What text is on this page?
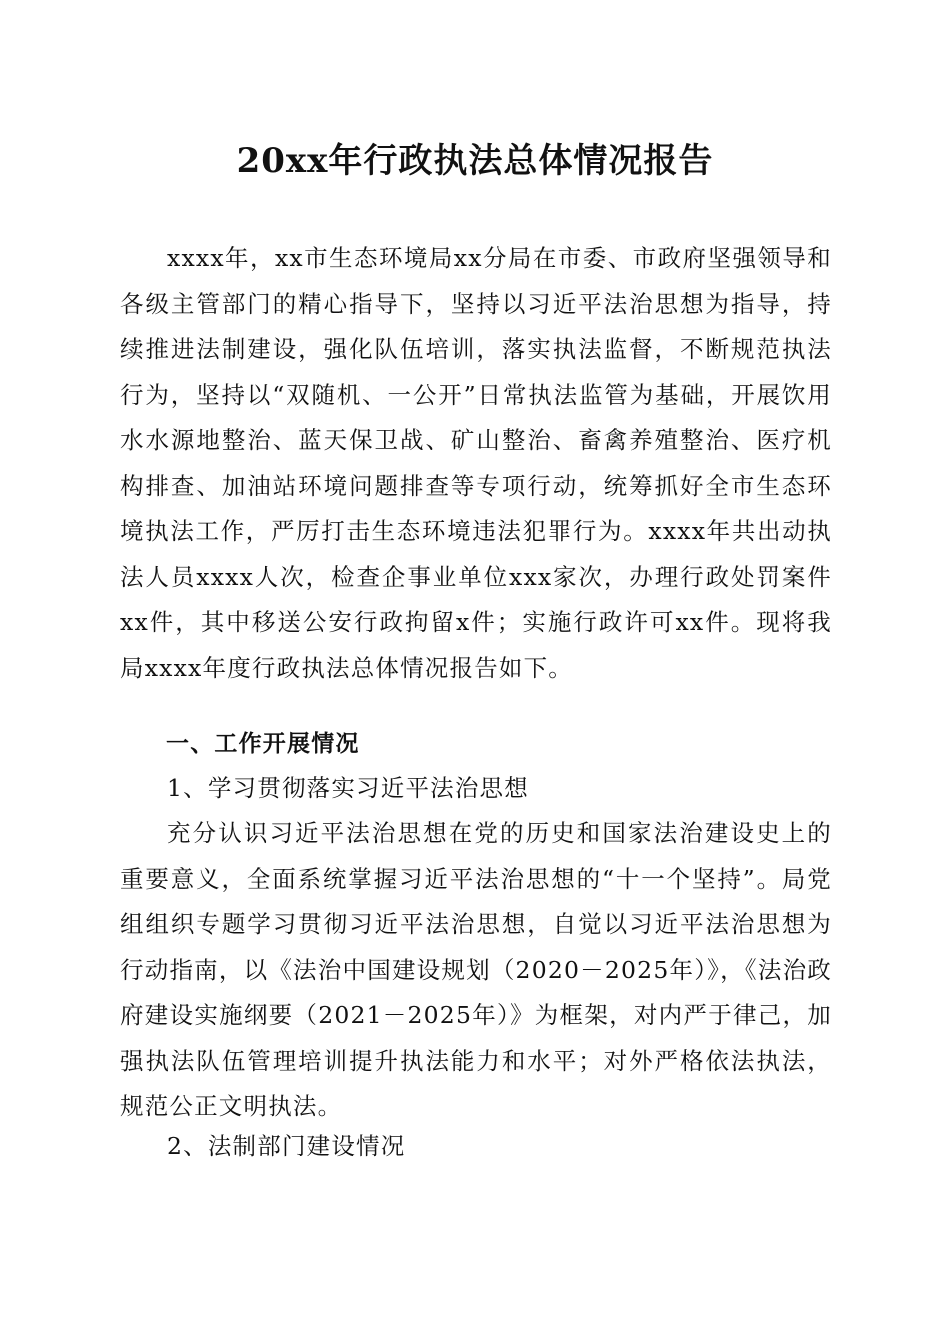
20xx年行政执法总体情况报告

xxxx年，xx市生态环境局xx分局在市委、市政府坚强领导和各级主管部门的精心指导下，坚持以习近平法治思想为指导，持续推进法制建设，强化队伍培训，落实执法监督，不断规范执法行为，坚持以“双随机、一公开”日常执法监管为基础，开展饮用水水源地整治、蓝天保卫战、矿山整治、畜禽养殖整治、医疗机构排查、加油站环境问题排查等专项行动，统筹抓好全市生态环境执法工作，严厉打击生态环境违法犯罪行为。xxxx年共出动执法人员xxxx人次，检查企事业单位xxx家次，办理行政处罚案件xx件，其中移送公安行政拘留x件；实施行政许可xx件。现将我局xxxx年度行政执法总体情况报告如下。

一、工作开展情况

1、学习贯彻落实习近平法治思想

充分认识习近平法治思想在党的历史和国家法治建设史上的重要意义，全面系统掌握习近平法治思想的“十一个坚持”。局党组组织专题学习贯彻习近平法治思想，自觉以习近平法治思想为行动指南，以《法治中国建设规划（2020－2025年）》，《法治政府建设实施纲要（2021－2025年）》为框架，对内严于律己，加强执法队伍管理培训提升执法能力和水平；对外严格依法执法，规范公正文明执法。

2、法制部门建设情况
